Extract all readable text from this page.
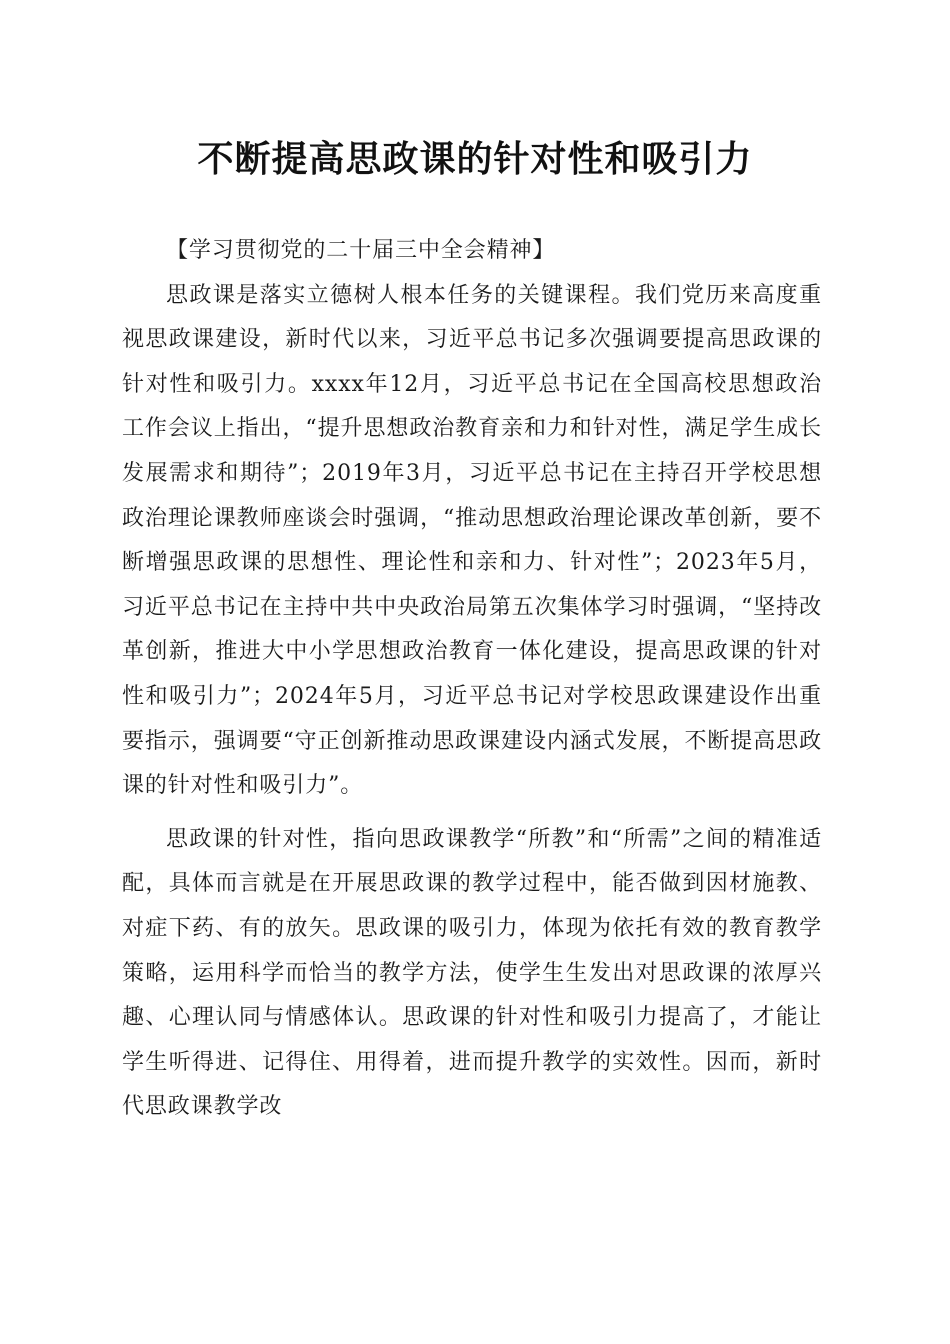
不断提高思政课的针对性和吸引力

【学习贯彻党的二十届三中全会精神】

思政课是落实立德树人根本任务的关键课程。我们党历来高度重视思政课建设，新时代以来，习近平总书记多次强调要提高思政课的针对性和吸引力。xxxx年12月，习近平总书记在全国高校思想政治工作会议上指出，“提升思想政治教育亲和力和针对性，满足学生成长发展需求和期待”；2019年3月，习近平总书记在主持召开学校思想政治理论课教师座谈会时强调，“推动思想政治理论课改革创新，要不断增强思政课的思想性、理论性和亲和力、针对性”；2023年5月，习近平总书记在主持中共中央政治局第五次集体学习时强调，“坚持改革创新，推进大中小学思想政治教育一体化建设，提高思政课的针对性和吸引力”；2024年5月，习近平总书记对学校思政课建设作出重要指示，强调要“守正创新推动思政课建设内涵式发展，不断提高思政课的针对性和吸引力”。

思政课的针对性，指向思政课教学“所教”和“所需”之间的精准适配，具体而言就是在开展思政课的教学过程中，能否做到因材施教、对症下药、有的放矢。思政课的吸引力，体现为依托有效的教育教学策略，运用科学而恰当的教学方法，使学生生发出对思政课的浓厚兴趣、心理认同与情感体认。思政课的针对性和吸引力提高了，才能让学生听得进、记得住、用得着，进而提升教学的实效性。因而，新时代思政课教学改
